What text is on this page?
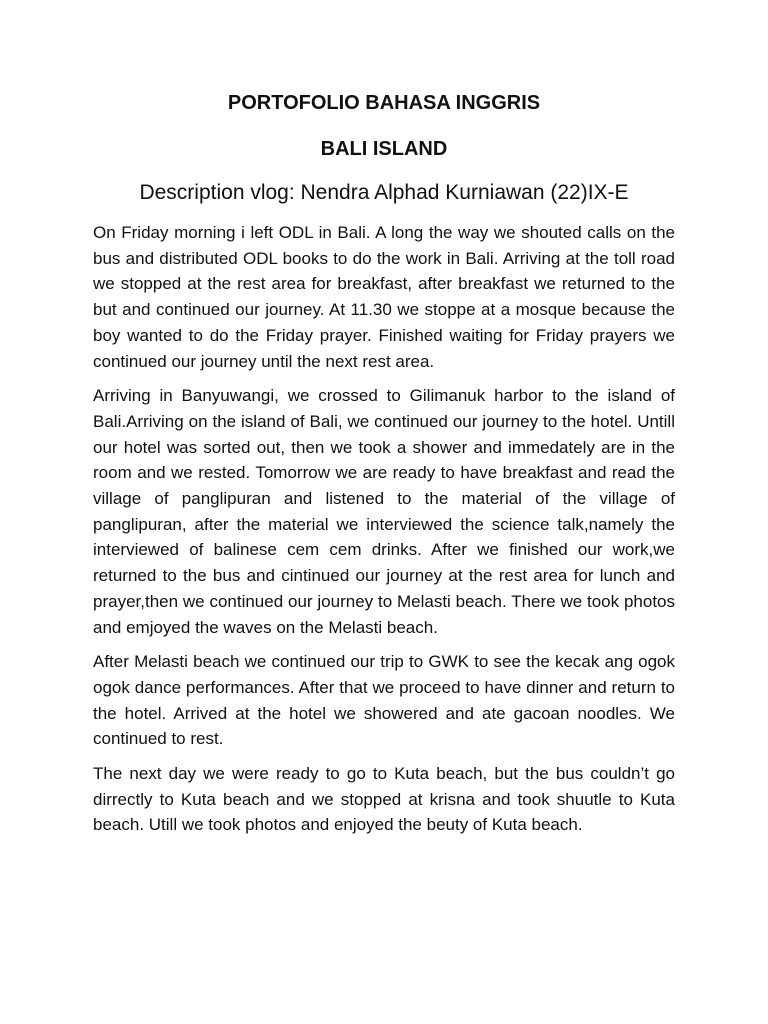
PORTOFOLIO BAHASA INGGRIS
BALI ISLAND

Description vlog: Nendra Alphad Kurniawan (22)IX-E

On Friday morning i left ODL in Bali. A long the way we shouted calls on the bus and distributed ODL books to do the work in Bali. Arriving at the toll road we stopped at the rest area for breakfast, after breakfast we returned to the but and continued our journey. At 11.30 we stoppe at a mosque because the boy wanted to do the Friday prayer. Finished waiting for Friday prayers we continued our journey until the next rest area.

Arriving in Banyuwangi, we crossed to Gilimanuk harbor to the island of Bali.Arriving on the island of Bali, we continued our journey to the hotel. Untill our hotel was sorted out, then we took a shower and immedately are in the room and we rested. Tomorrow we are ready to have breakfast and read the village of panglipuran and listened to the material of the village of panglipuran, after the material we interviewed the science talk,namely the interviewed of balinese cem cem drinks. After we finished our work,we returned to the bus and cintinued our journey at the rest area for lunch and prayer,then we continued our journey to Melasti beach. There we took photos and emjoyed the waves on the Melasti beach.

After Melasti beach we continued our trip to GWK to see the kecak ang ogok ogok dance performances. After that we proceed to have dinner and return to the hotel. Arrived at the hotel we showered and ate gacoan noodles. We continued to rest.

The next day we were ready to go to Kuta beach, but the bus couldn’t go dirrectly to Kuta beach and we stopped at krisna and took shuutle to Kuta beach. Utill we took photos and enjoyed the beuty of Kuta beach.
